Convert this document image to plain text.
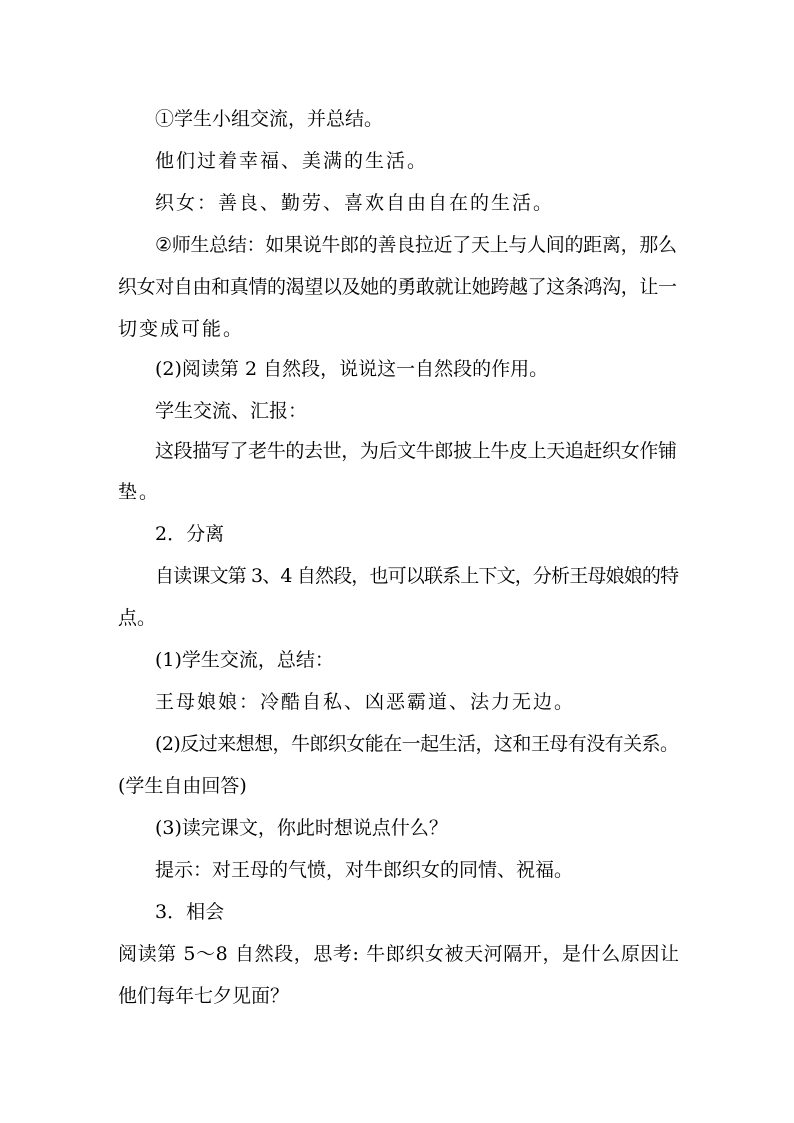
①学生小组交流，并总结。
他们过着幸福、美满的生活。
织女：善良、勤劳、喜欢自由自在的生活。
②师生总结：如果说牛郎的善良拉近了天上与人间的距离，那么
织女对自由和真情的渴望以及她的勇敢就让她跨越了这条鸿沟，让一
切变成可能。
(2)阅读第 2 自然段，说说这一自然段的作用。
学生交流、汇报：
这段描写了老牛的去世，为后文牛郎披上牛皮上天追赶织女作铺
垫。
2．分离
自读课文第 3、4 自然段，也可以联系上下文，分析王母娘娘的特
点。
(1)学生交流，总结：
王母娘娘：冷酷自私、凶恶霸道、法力无边。
(2)反过来想想，牛郎织女能在一起生活，这和王母有没有关系。
(学生自由回答)
(3)读完课文，你此时想说点什么？
提示：对王母的气愤，对牛郎织女的同情、祝福。
3．相会
阅读第 5～8 自然段，思考: 牛郎织女被天河隔开，是什么原因让
他们每年七夕见面？
